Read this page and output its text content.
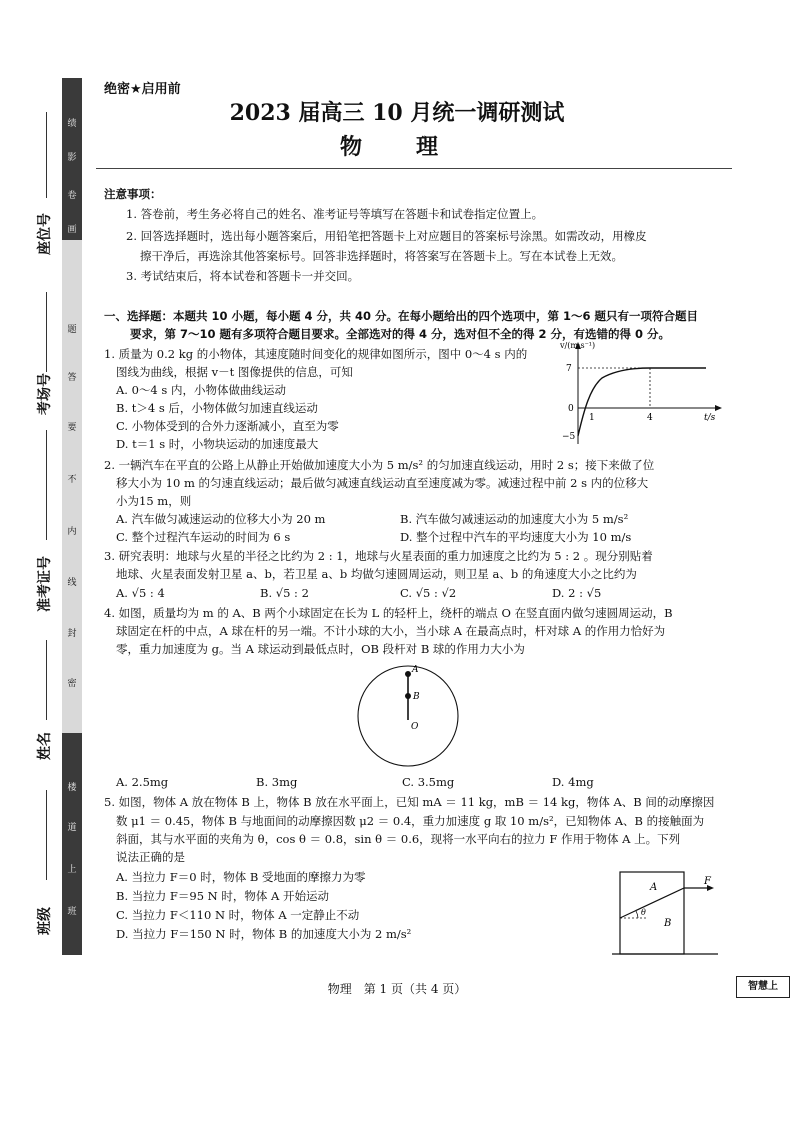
绩
影
卷
画
题
答
要
不
内
线
封
密
楼
道
上
班
座位号
考场号
准考证号
姓名
班级
绝密★启用前
2023 届高三 10 月统一调研测试
物　理
注意事项：
1. 答卷前，考生务必将自己的姓名、准考证号等填写在答题卡和试卷指定位置上。
2. 回答选择题时，选出每小题答案后，用铅笔把答题卡上对应题目的答案标号涂黑。如需改动，用橡皮
擦干净后，再选涂其他答案标号。回答非选择题时，将答案写在答题卡上。写在本试卷上无效。
3. 考试结束后，将本试卷和答题卡一并交回。
一、选择题：本题共 10 小题，每小题 4 分，共 40 分。在每小题给出的四个选项中，第 1～6 题只有一项符合题目
要求，第 7～10 题有多项符合题目要求。全部选对的得 4 分，选对但不全的得 2 分，有选错的得 0 分。
1. 质量为 0.2 kg 的小物体，其速度随时间变化的规律如图所示，图中 0～4 s 内的
图线为曲线，根据 v－t 图像提供的信息，可知
A. 0～4 s 内，小物体做曲线运动
B. t＞4 s 后，小物体做匀加速直线运动
C. 小物体受到的合外力逐渐减小，直至为零
D. t＝1 s 时，小物块运动的加速度最大
v/(m·s⁻¹)
7
0
−5
1	4	t/s
2. 一辆汽车在平直的公路上从静止开始做加速度大小为 5 m/s² 的匀加速直线运动，用时 2 s；接下来做了位
移大小为 10 m 的匀速直线运动；最后做匀减速直线运动直至速度减为零。减速过程中前 2 s 内的位移大
小为15 m，则
A. 汽车做匀减速运动的位移大小为 20 m	B. 汽车做匀减速运动的加速度大小为 5 m/s²
C. 整个过程汽车运动的时间为 6 s	D. 整个过程中汽车的平均速度大小为 10 m/s
3. 研究表明：地球与火星的半径之比约为 2 : 1，地球与火星表面的重力加速度之比约为 5 : 2 。现分别贴着
地球、火星表面发射卫星 a、b，若卫星 a、b 均做匀速圆周运动，则卫星 a、b 的角速度大小之比约为
A. √5 : 4	B. √5 : 2	C. √5 : √2	D. 2 : √5
4. 如图，质量均为 m 的 A、B 两个小球固定在长为 L 的轻杆上，绕杆的端点 O 在竖直面内做匀速圆周运动，B
球固定在杆的中点，A 球在杆的另一端。不计小球的大小，当小球 A 在最高点时，杆对球 A 的作用力恰好为
零，重力加速度为 g。当 A 球运动到最低点时，OB 段杆对 B 球的作用力大小为
A
B
O
A. 2.5mg	B. 3mg	C. 3.5mg	D. 4mg
5. 如图，物体 A 放在物体 B 上，物体 B 放在水平面上，已知 mA ＝ 11 kg，mB ＝ 14 kg，物体 A、B 间的动摩擦因
数 μ1 ＝ 0.45，物体 B 与地面间的动摩擦因数 μ2 ＝ 0.4，重力加速度 g 取 10 m/s²，已知物体 A、B 的接触面为
斜面，其与水平面的夹角为 θ，cos θ ＝ 0.8，sin θ ＝ 0.6，现将一水平向右的拉力 F 作用于物体 A 上。下列
说法正确的是
A. 当拉力 F＝0 时，物体 B 受地面的摩擦力为零
B. 当拉力 F＝95 N 时，物体 A 开始运动
C. 当拉力 F＜110 N 时，物体 A 一定静止不动
D. 当拉力 F＝150 N 时，物体 B 的加速度大小为 2 m/s²
A
B
F
θ
物理　第 1 页（共 4 页）	智慧上
